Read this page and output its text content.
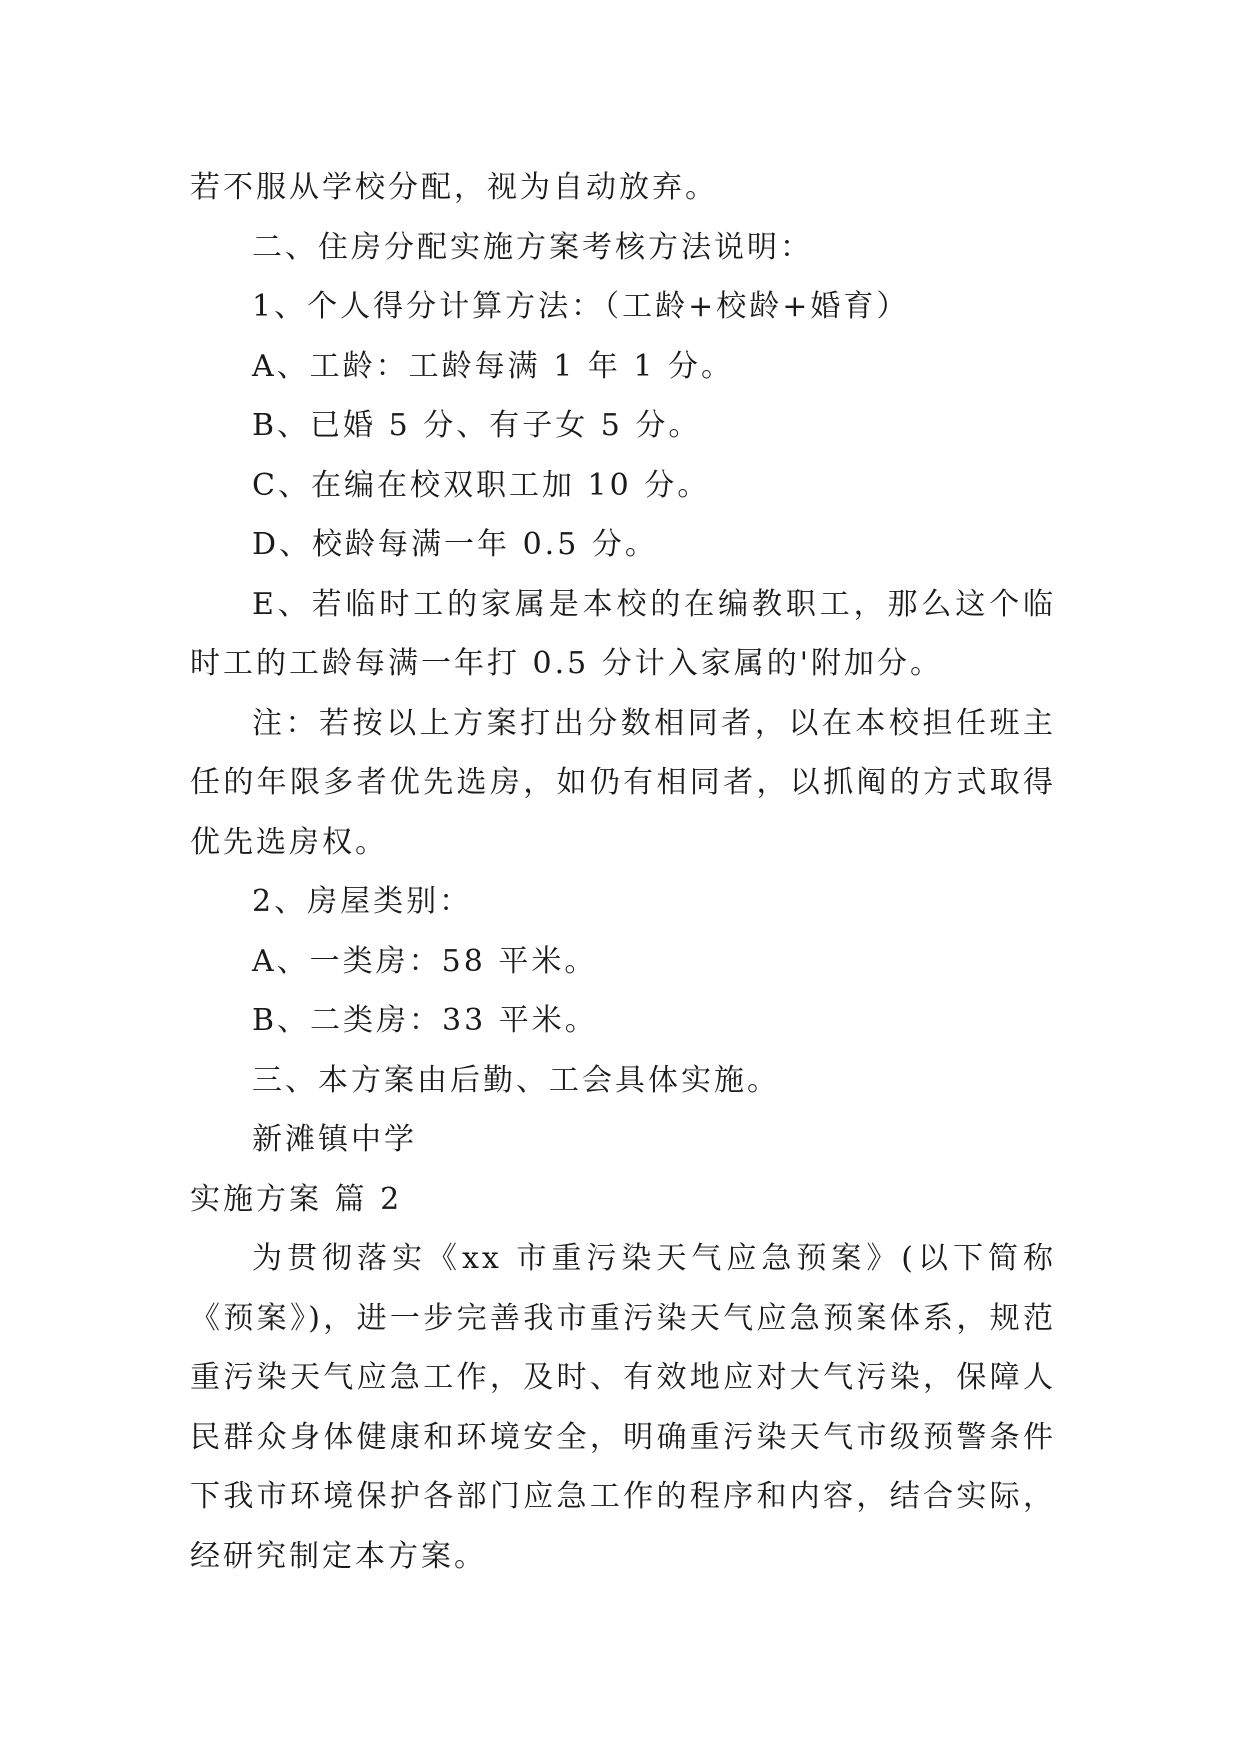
若不服从学校分配，视为自动放弃。

二、住房分配实施方案考核方法说明：

1、个人得分计算方法：（工龄+校龄+婚育）

A、工龄：工龄每满 1 年 1 分。

B、已婚 5 分、有子女 5 分。

C、在编在校双职工加 10 分。

D、校龄每满一年 0.5 分。

E、若临时工的家属是本校的在编教职工，那么这个临时工的工龄每满一年打 0.5 分计入家属的'附加分。

注：若按以上方案打出分数相同者，以在本校担任班主任的年限多者优先选房，如仍有相同者，以抓阄的方式取得优先选房权。

2、房屋类别：

A、一类房：58 平米。

B、二类房：33 平米。

三、本方案由后勤、工会具体实施。

新滩镇中学

实施方案 篇 2

为贯彻落实《xx 市重污染天气应急预案》(以下简称《预案》)，进一步完善我市重污染天气应急预案体系，规范重污染天气应急工作，及时、有效地应对大气污染，保障人民群众身体健康和环境安全，明确重污染天气市级预警条件下我市环境保护各部门应急工作的程序和内容，结合实际，经研究制定本方案。
